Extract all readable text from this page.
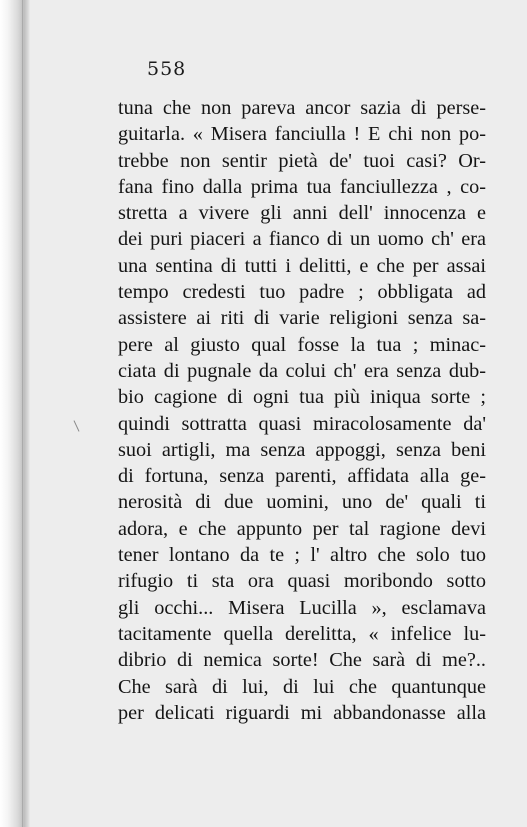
558
tuna che non pareva ancor sazia di perse-
guitarla. « Misera fanciulla ! E chi non po-
trebbe non sentir pietà de' tuoi casi? Or-
fana fino dalla prima tua fanciullezza , co-
stretta a vivere gli anni dell' innocenza e
dei puri piaceri a fianco di un uomo ch' era
una sentina di tutti i delitti, e che per assai
tempo credesti tuo padre ; obbligata ad
assistere ai riti di varie religioni senza sa-
pere al giusto qual fosse la tua ; minac-
ciata di pugnale da colui ch' era senza dub-
bio cagione di ogni tua più iniqua sorte ;
quindi sottratta quasi miracolosamente da'
suoi artigli, ma senza appoggi, senza beni
di fortuna, senza parenti, affidata alla ge-
nerosità di due uomini, uno de' quali ti
adora, e che appunto per tal ragione devi
tener lontano da te ; l' altro che solo tuo
rifugio ti sta ora quasi moribondo sotto
gli occhi... Misera Lucilla », esclamava
tacitamente quella derelitta, « infelice lu-
dibrio di nemica sorte! Che sarà di me?..
Che sarà di lui, di lui che quantunque
per delicati riguardi mi abbandonasse alla
